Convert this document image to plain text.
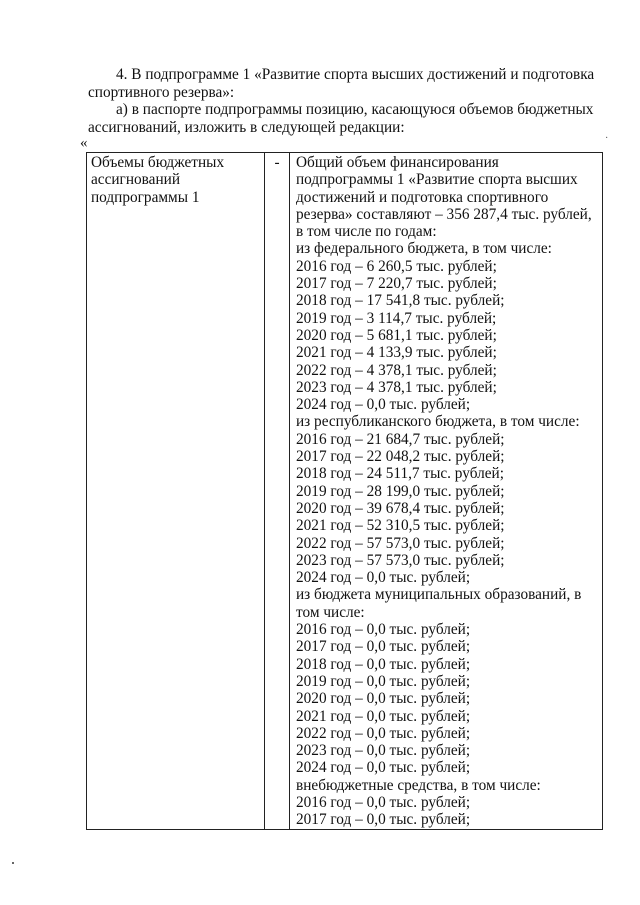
4. В подпрограмме 1 «Развитие спорта высших достижений и подготовка спортивного резерва»:

а) в паспорте подпрограммы позицию, касающуюся объемов бюджетных ассигнований, изложить в следующей редакции:

«	·
Объемы бюджетных
ассигнований
подпрограммы 1
	-	Общий объем финансирования
подпрограммы 1 «Развитие спорта высших
достижений и подготовка спортивного
резерва» составляют – 356 287,4 тыс. рублей,
в том числе по годам:
из федерального бюджета, в том числе:
2016 год – 6 260,5 тыс. рублей;
2017 год – 7 220,7 тыс. рублей;
2018 год – 17 541,8 тыс. рублей;
2019 год – 3 114,7 тыс. рублей;
2020 год – 5 681,1 тыс. рублей;
2021 год – 4 133,9 тыс. рублей;
2022 год – 4 378,1 тыс. рублей;
2023 год – 4 378,1 тыс. рублей;
2024 год – 0,0 тыс. рублей;
из республиканского бюджета, в том числе:
2016 год – 21 684,7 тыс. рублей;
2017 год – 22 048,2 тыс. рублей;
2018 год – 24 511,7 тыс. рублей;
2019 год – 28 199,0 тыс. рублей;
2020 год – 39 678,4 тыс. рублей;
2021 год – 52 310,5 тыс. рублей;
2022 год – 57 573,0 тыс. рублей;
2023 год – 57 573,0 тыс. рублей;
2024 год – 0,0 тыс. рублей;
из бюджета муниципальных образований, в
том числе:
2016 год – 0,0 тыс. рублей;
2017 год – 0,0 тыс. рублей;
2018 год – 0,0 тыс. рублей;
2019 год – 0,0 тыс. рублей;
2020 год – 0,0 тыс. рублей;
2021 год – 0,0 тыс. рублей;
2022 год – 0,0 тыс. рублей;
2023 год – 0,0 тыс. рублей;
2024 год – 0,0 тыс. рублей;
внебюджетные средства, в том числе:
2016 год – 0,0 тыс. рублей;
2017 год – 0,0 тыс. рублей;
